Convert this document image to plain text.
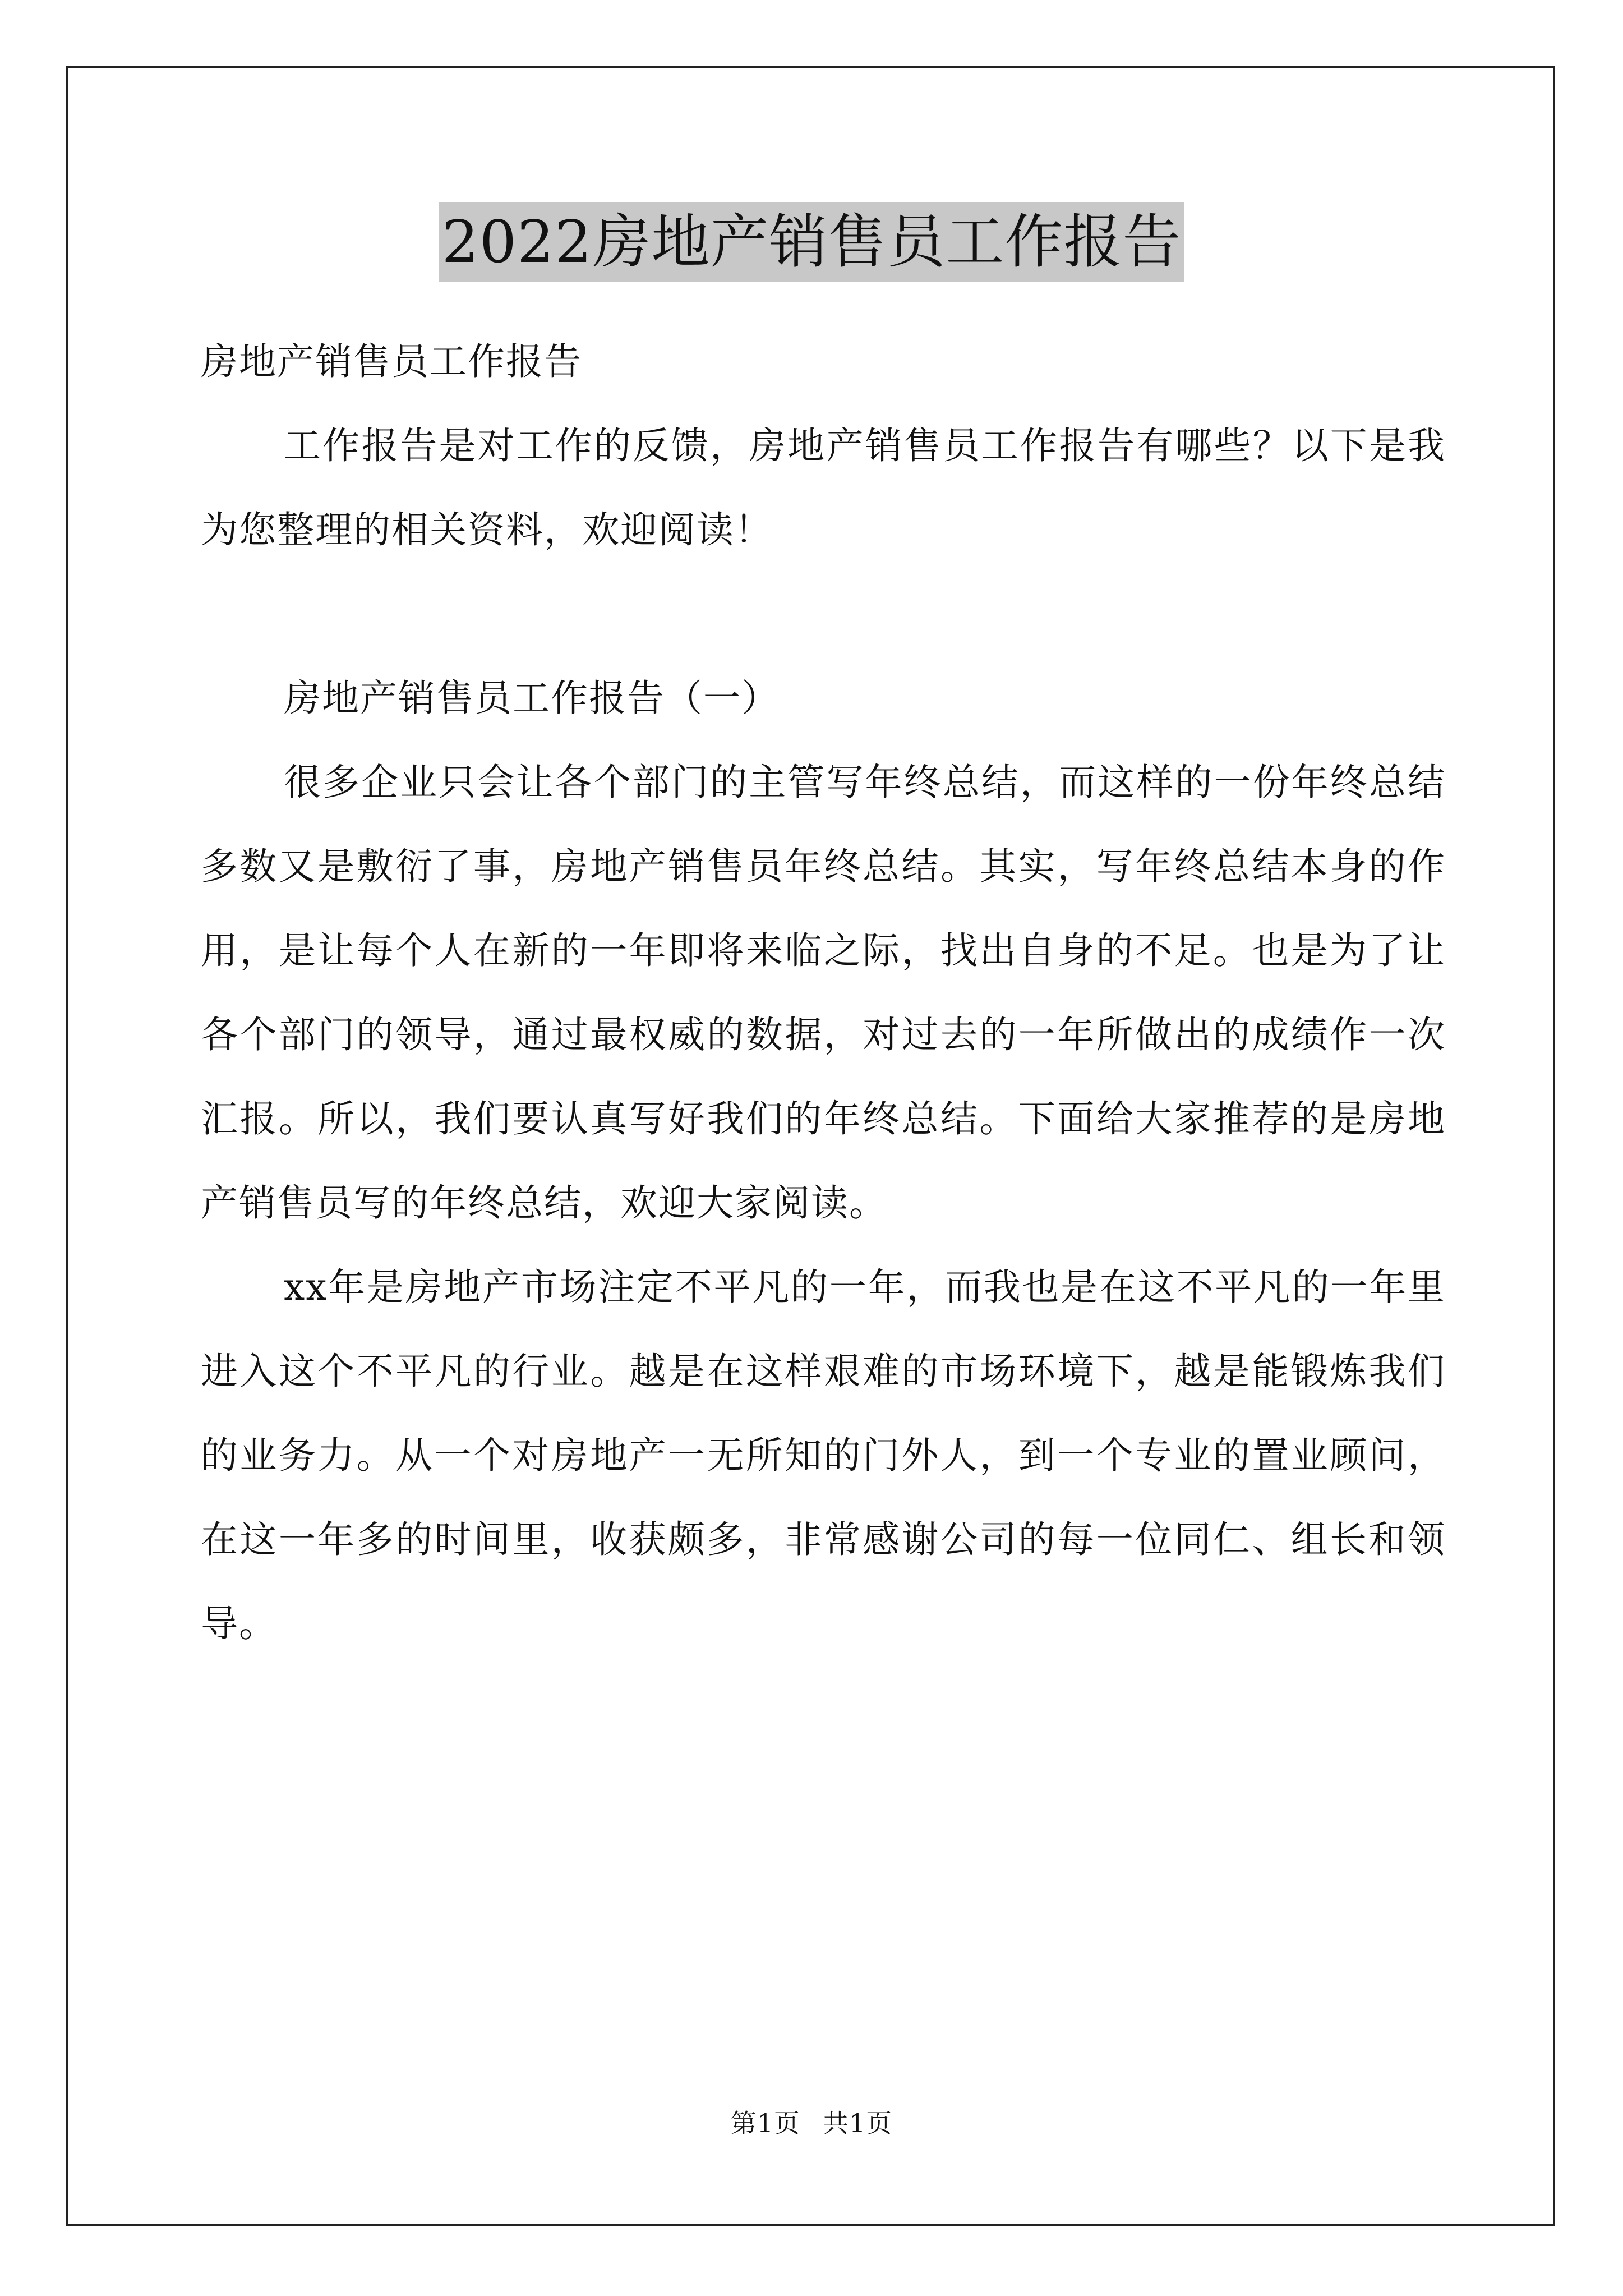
2022房地产销售员工作报告

房地产销售员工作报告

工作报告是对工作的反馈，房地产销售员工作报告有哪些？以下是我为您整理的相关资料，欢迎阅读！

房地产销售员工作报告（一）

很多企业只会让各个部门的主管写年终总结，而这样的一份年终总结多数又是敷衍了事，房地产销售员年终总结。其实，写年终总结本身的作用，是让每个人在新的一年即将来临之际，找出自身的不足。也是为了让各个部门的领导，通过最权威的数据，对过去的一年所做出的成绩作一次汇报。所以，我们要认真写好我们的年终总结。下面给大家推荐的是房地产销售员写的年终总结，欢迎大家阅读。

xx年是房地产市场注定不平凡的一年，而我也是在这不平凡的一年里进入这个不平凡的行业。越是在这样艰难的市场环境下，越是能锻炼我们的业务力。从一个对房地产一无所知的门外人，到一个专业的置业顾问，在这一年多的时间里，收获颇多，非常感谢公司的每一位同仁、组长和领导。

第1页 共1页
